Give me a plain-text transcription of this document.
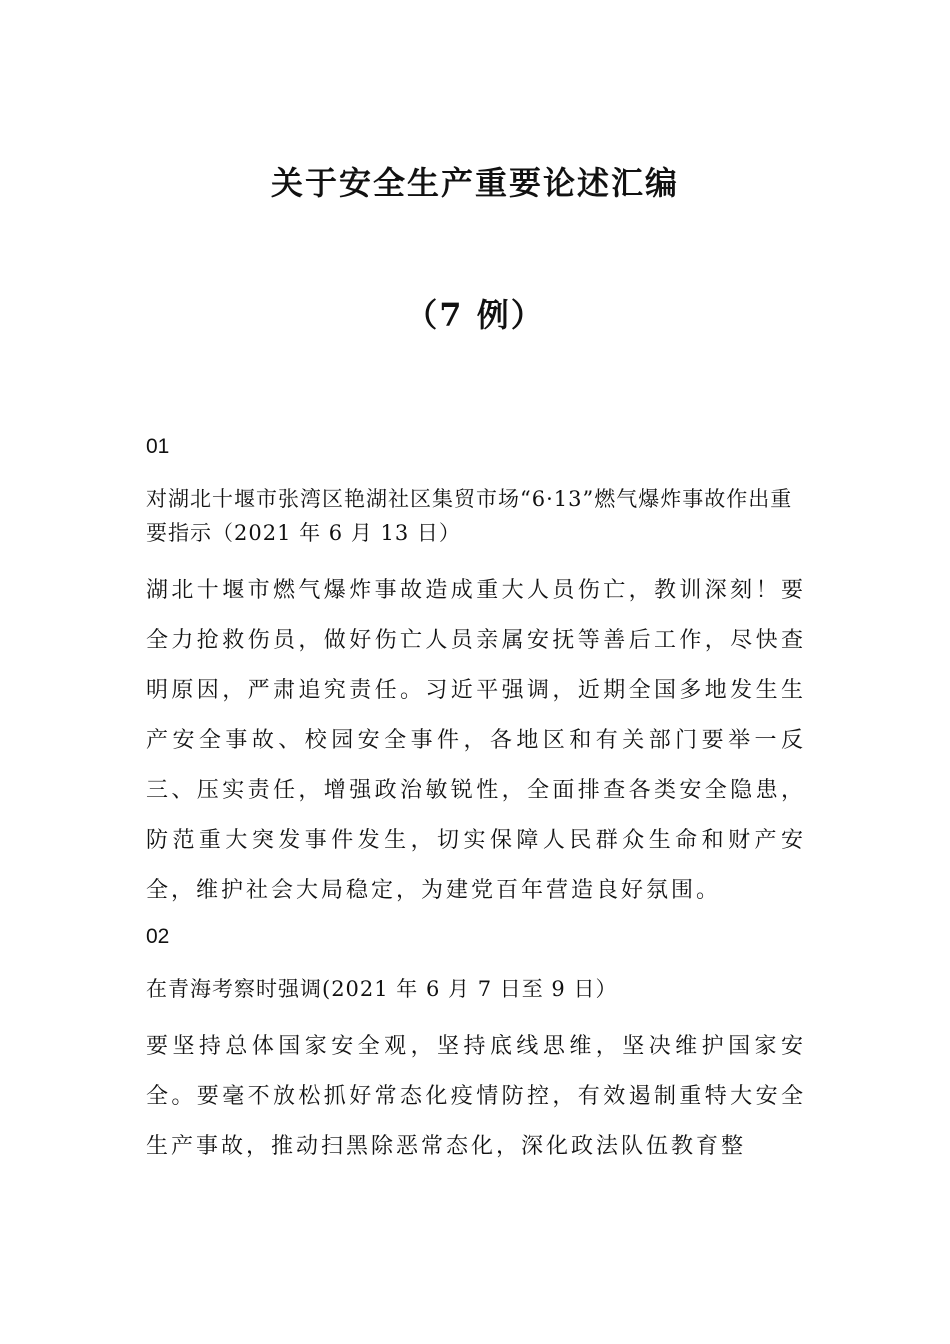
关于安全生产重要论述汇编
（7 例）

01

对湖北十堰市张湾区艳湖社区集贸市场“6·13”燃气爆炸事故作出重要指示（2021 年 6 月 13 日）

湖北十堰市燃气爆炸事故造成重大人员伤亡，教训深刻！要全力抢救伤员，做好伤亡人员亲属安抚等善后工作，尽快查明原因，严肃追究责任。习近平强调，近期全国多地发生生产安全事故、校园安全事件，各地区和有关部门要举一反三、压实责任，增强政治敏锐性，全面排查各类安全隐患，防范重大突发事件发生，切实保障人民群众生命和财产安全，维护社会大局稳定，为建党百年营造良好氛围。

02

在青海考察时强调(2021 年 6 月 7 日至 9 日）

要坚持总体国家安全观，坚持底线思维，坚决维护国家安全。要毫不放松抓好常态化疫情防控，有效遏制重特大安全生产事故，推动扫黑除恶常态化，深化政法队伍教育整
